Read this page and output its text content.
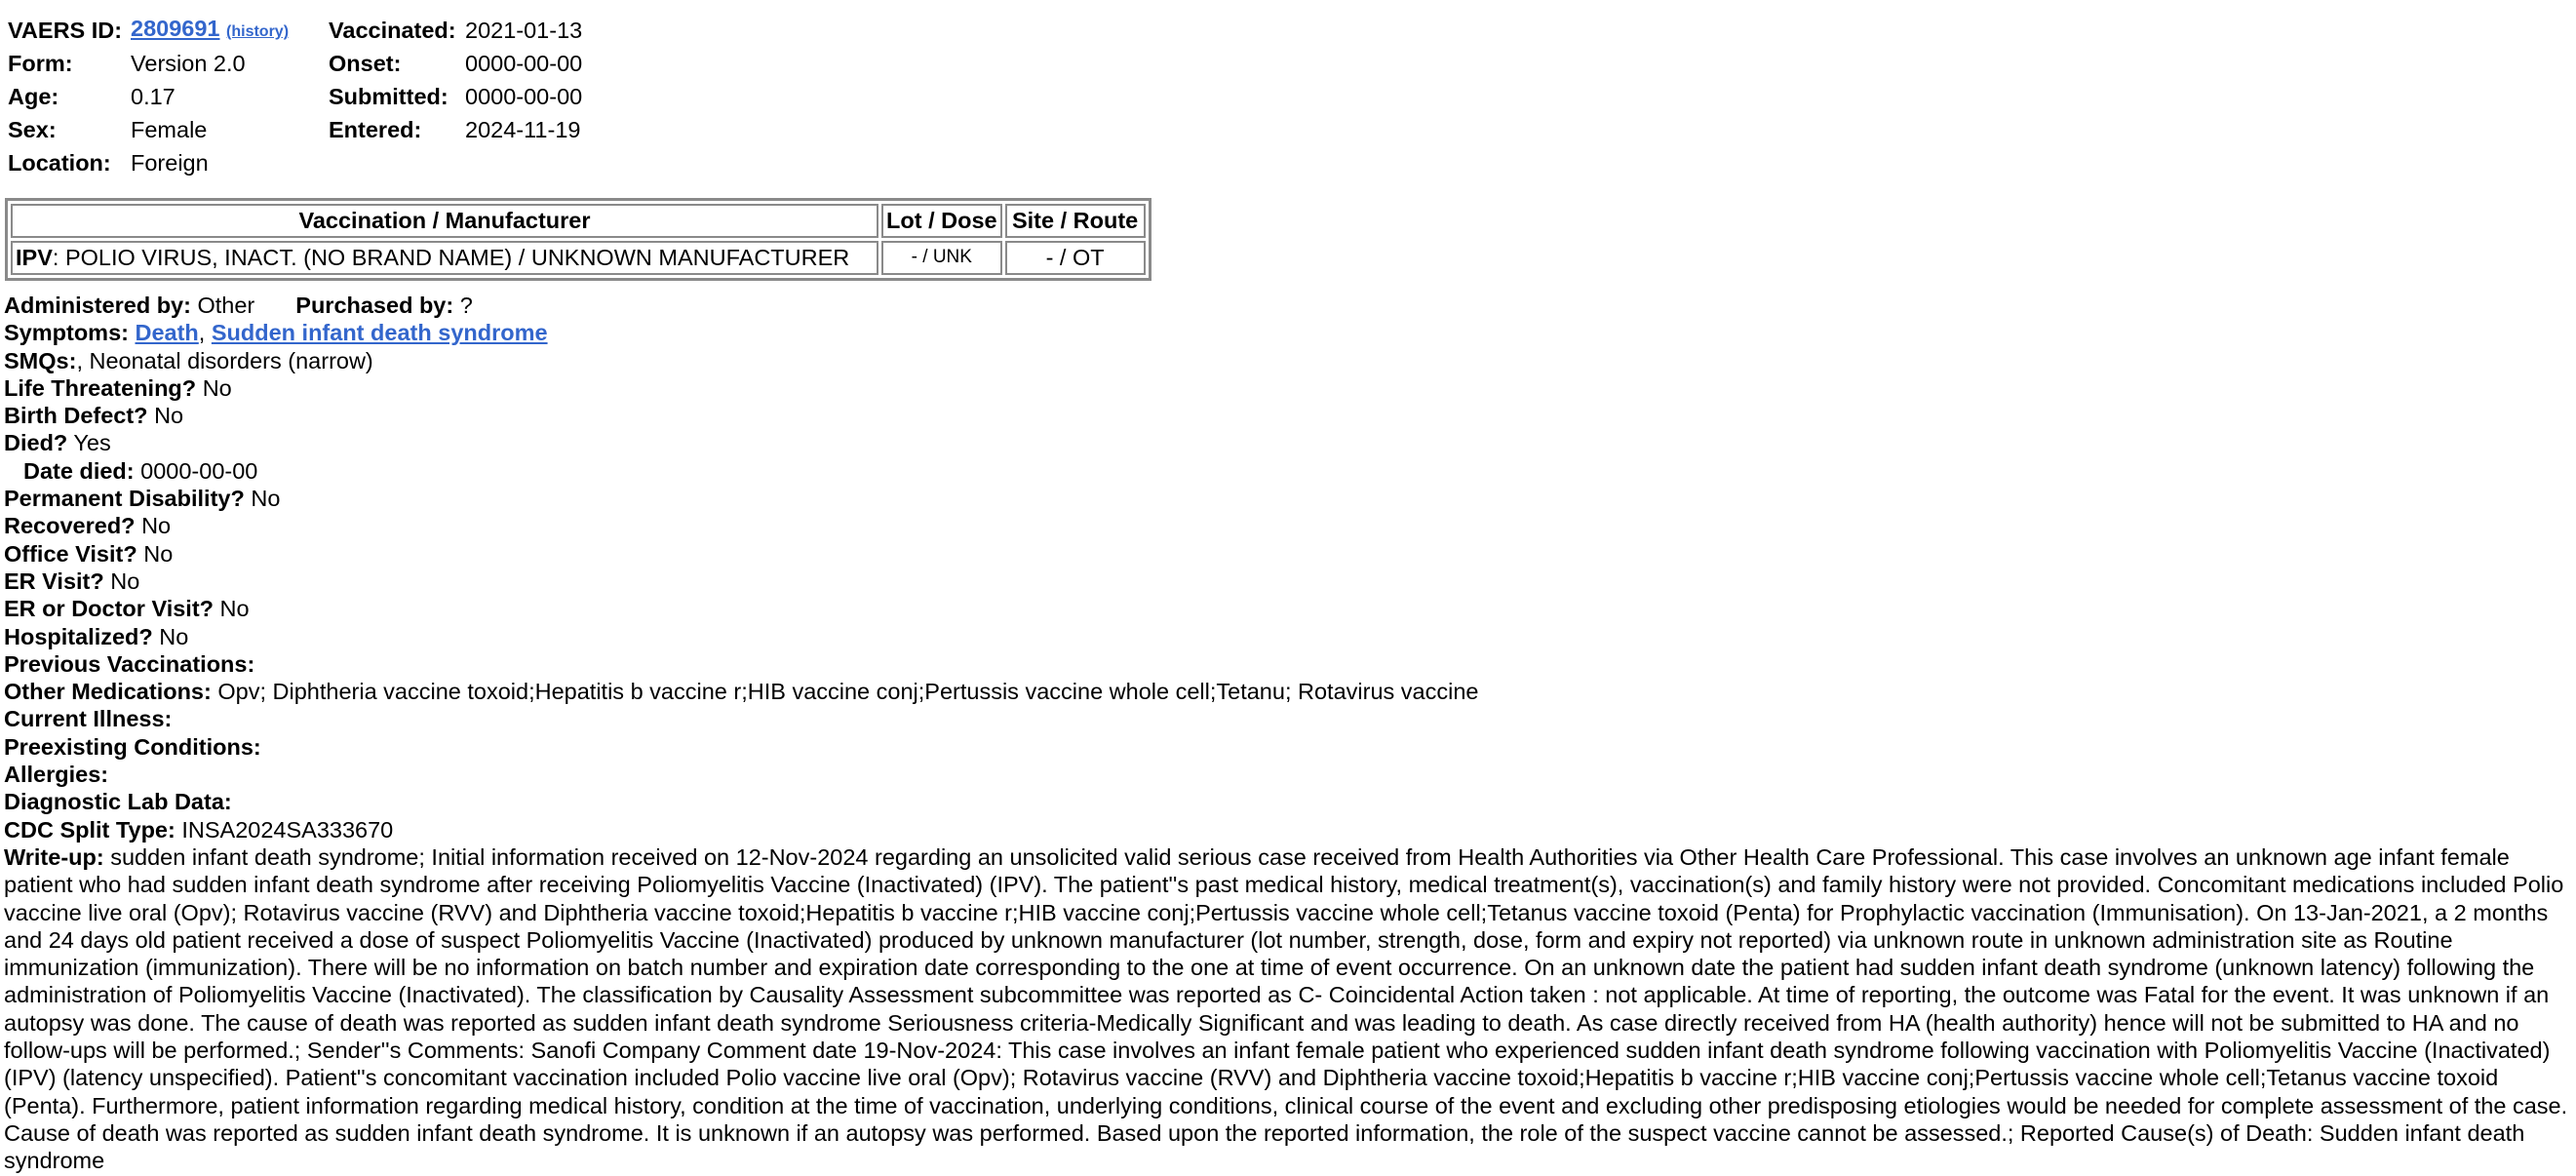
VAERS ID:	2809691 (history)	Vaccinated:	2021-01-13
Form:	Version 2.0	Onset:	0000-00-00
Age:	0.17	Submitted:	0000-00-00
Sex:	Female	Entered:	2024-11-19
Location:	Foreign		
Vaccination / Manufacturer	Lot / Dose	Site / Route
IPV: POLIO VIRUS, INACT. (NO BRAND NAME) / UNKNOWN MANUFACTURER	- / UNK	- / OT
Administered by: Other Purchased by: ?
Symptoms: Death, Sudden infant death syndrome
SMQs:, Neonatal disorders (narrow)
Life Threatening? No
Birth Defect? No
Died? Yes
Date died: 0000-00-00
Permanent Disability? No
Recovered? No
Office Visit? No
ER Visit? No
ER or Doctor Visit? No
Hospitalized? No
Previous Vaccinations:
Other Medications: Opv; Diphtheria vaccine toxoid;Hepatitis b vaccine r;HIB vaccine conj;Pertussis vaccine whole cell;Tetanu; Rotavirus vaccine
Current Illness:
Preexisting Conditions:
Allergies:
Diagnostic Lab Data:
CDC Split Type: INSA2024SA333670

Write-up: sudden infant death syndrome; Initial information received on 12-Nov-2024 regarding an unsolicited valid serious case received from Health Authorities via Other Health Care Professional. This case involves an unknown age infant female patient who had sudden infant death syndrome after receiving Poliomyelitis Vaccine (Inactivated) (IPV). The patient''s past medical history, medical treatment(s), vaccination(s) and family history were not provided. Concomitant medications included Polio vaccine live oral (Opv); Rotavirus vaccine (RVV) and Diphtheria vaccine toxoid;Hepatitis b vaccine r;HIB vaccine conj;Pertussis vaccine whole cell;Tetanus vaccine toxoid (Penta) for Prophylactic vaccination (Immunisation). On 13-Jan-2021, a 2 months and 24 days old patient received a dose of suspect Poliomyelitis Vaccine (Inactivated) produced by unknown manufacturer (lot number, strength, dose, form and expiry not reported) via unknown route in unknown administration site as Routine immunization (immunization). There will be no information on batch number and expiration date corresponding to the one at time of event occurrence. On an unknown date the patient had sudden infant death syndrome (unknown latency) following the administration of Poliomyelitis Vaccine (Inactivated). The classification by Causality Assessment subcommittee was reported as C- Coincidental Action taken : not applicable. At time of reporting, the outcome was Fatal for the event. It was unknown if an autopsy was done. The cause of death was reported as sudden infant death syndrome Seriousness criteria-Medically Significant and was leading to death. As case directly received from HA (health authority) hence will not be submitted to HA and no follow-ups will be performed.; Sender''s Comments: Sanofi Company Comment date 19-Nov-2024: This case involves an infant female patient who experienced sudden infant death syndrome following vaccination with Poliomyelitis Vaccine (Inactivated) (IPV) (latency unspecified). Patient''s concomitant vaccination included Polio vaccine live oral (Opv); Rotavirus vaccine (RVV) and Diphtheria vaccine toxoid;Hepatitis b vaccine r;HIB vaccine conj;Pertussis vaccine whole cell;Tetanus vaccine toxoid (Penta). Furthermore, patient information regarding medical history, condition at the time of vaccination, underlying conditions, clinical course of the event and excluding other predisposing etiologies would be needed for complete assessment of the case. Cause of death was reported as sudden infant death syndrome. It is unknown if an autopsy was performed. Based upon the reported information, the role of the suspect vaccine cannot be assessed.; Reported Cause(s) of Death: Sudden infant death syndrome
